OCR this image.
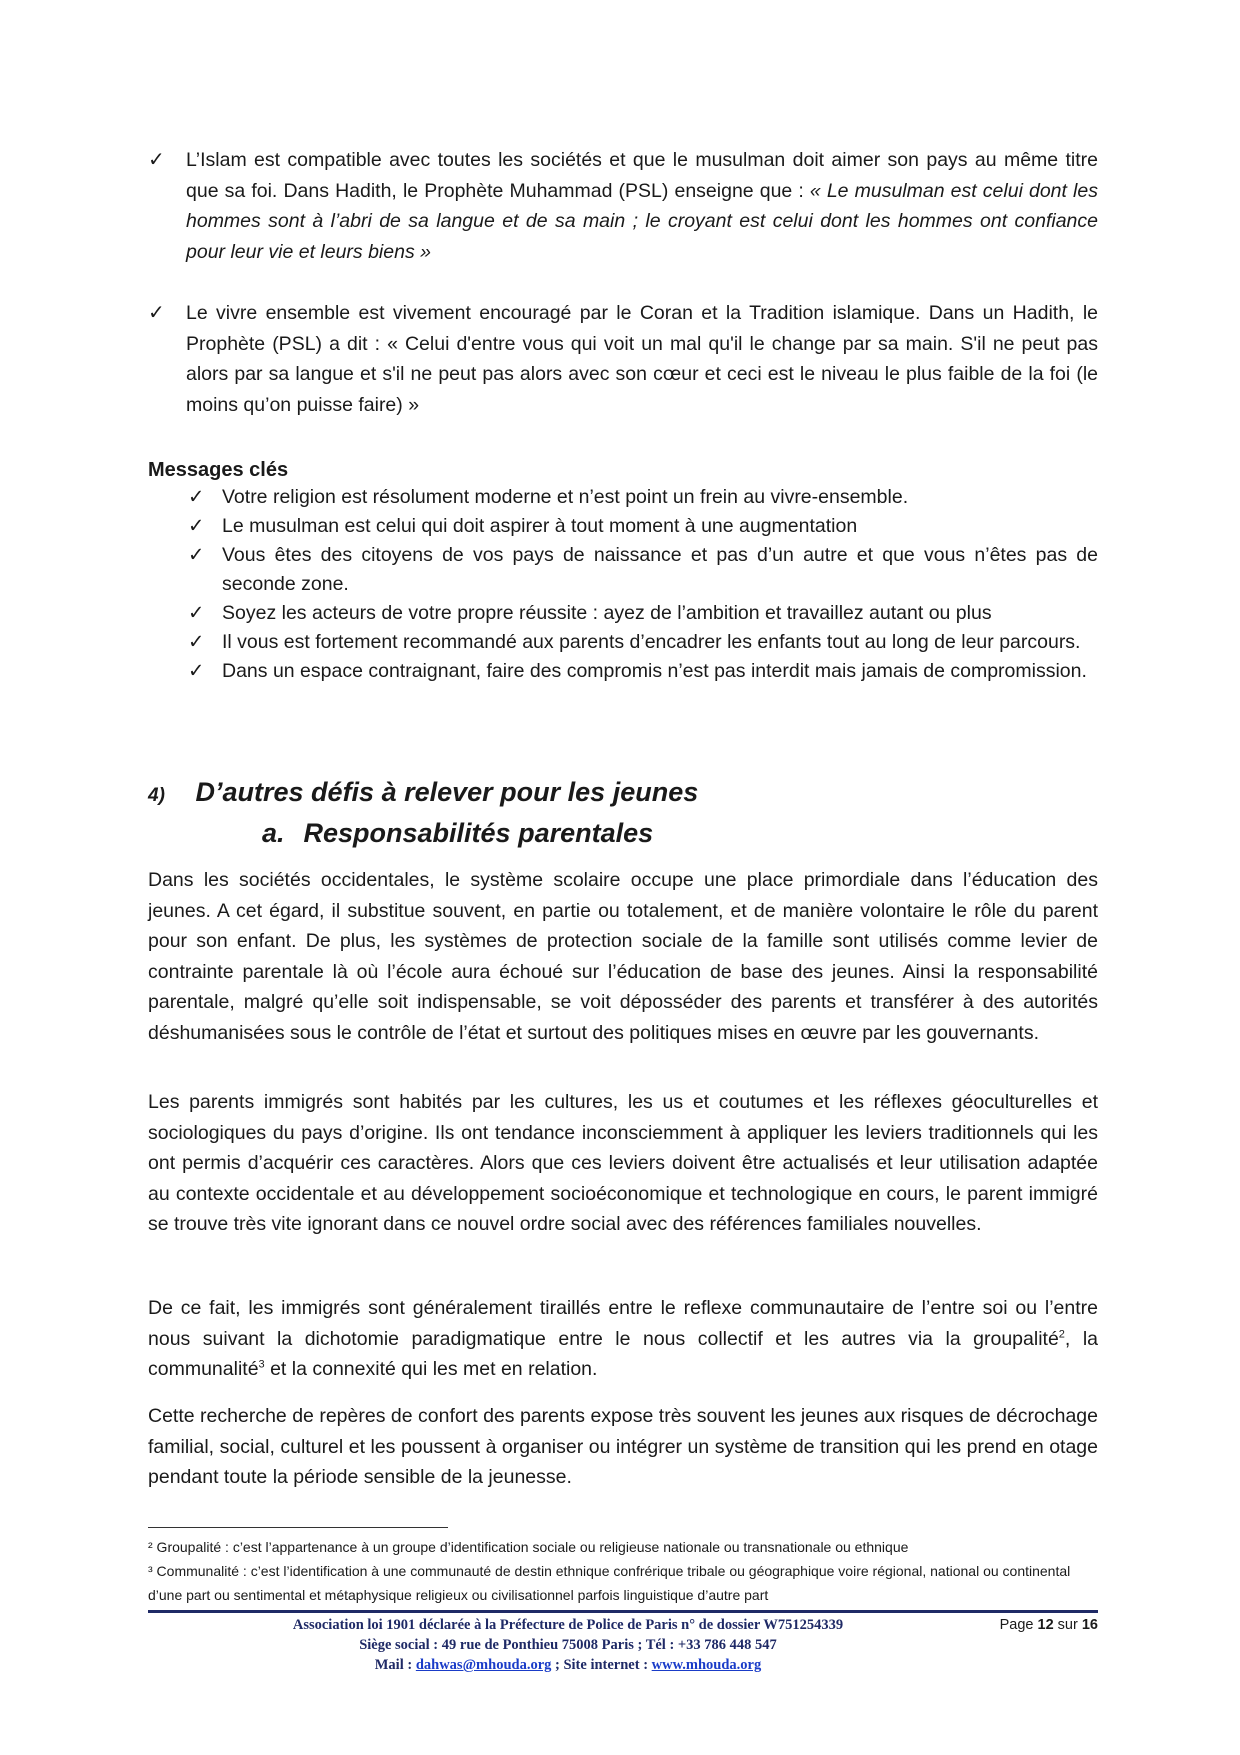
✓	L’Islam est compatible avec toutes les sociétés et que le musulman doit aimer son pays au même titre que sa foi. Dans Hadith, le Prophète Muhammad (PSL) enseigne que : « Le musulman est celui dont les hommes sont à l’abri de sa langue et de sa main ; le croyant est celui dont les hommes ont confiance pour leur vie et leurs biens »
✓	Le vivre ensemble est vivement encouragé par le Coran et la Tradition islamique. Dans un Hadith, le Prophète (PSL) a dit : « Celui d'entre vous qui voit un mal qu'il le change par sa main. S'il ne peut pas alors par sa langue et s'il ne peut pas alors avec son cœur et ceci est le niveau le plus faible de la foi (le moins qu’on puisse faire) »
Messages clés
✓ Votre religion est résolument moderne et n’est point un frein au vivre-ensemble.
✓ Le musulman est celui qui doit aspirer à tout moment à une augmentation
✓ Vous êtes des citoyens de vos pays de naissance et pas d’un autre et que vous n’êtes pas de seconde zone.
✓ Soyez les acteurs de votre propre réussite : ayez de l’ambition et travaillez autant ou plus
✓ Il vous est fortement recommandé aux parents d’encadrer les enfants tout au long de leur parcours.
✓ Dans un espace contraignant, faire des compromis n’est pas interdit mais jamais de compromission.
4) D’autres défis à relever pour les jeunes
a. Responsabilités parentales

Dans les sociétés occidentales, le système scolaire occupe une place primordiale dans l’éducation des jeunes. A cet égard, il substitue souvent, en partie ou totalement, et de manière volontaire le rôle du parent pour son enfant. De plus, les systèmes de protection sociale de la famille sont utilisés comme levier de contrainte parentale là où l’école aura échoué sur l’éducation de base des jeunes. Ainsi la responsabilité parentale, malgré qu’elle soit indispensable, se voit déposséder des parents et transférer à des autorités déshumanisées sous le contrôle de l’état et surtout des politiques mises en œuvre par les gouvernants.

Les parents immigrés sont habités par les cultures, les us et coutumes et les réflexes géoculturelles et sociologiques du pays d’origine. Ils ont tendance inconsciemment à appliquer les leviers traditionnels qui les ont permis d’acquérir ces caractères. Alors que ces leviers doivent être actualisés et leur utilisation adaptée au contexte occidentale et au développement socioéconomique et technologique en cours, le parent immigré se trouve très vite ignorant dans ce nouvel ordre social avec des références familiales nouvelles.

De ce fait, les immigrés sont généralement tiraillés entre le reflexe communautaire de l’entre soi ou l’entre nous suivant la dichotomie paradigmatique entre le nous collectif et les autres via la groupalité$^2$, la communalité$^3$ et la connexité qui les met en relation.

Cette recherche de repères de confort des parents expose très souvent les jeunes aux risques de décrochage familial, social, culturel et les poussent à organiser ou intégrer un système de transition qui les prend en otage pendant toute la période sensible de la jeunesse.

² Groupalité : c’est l’appartenance à un groupe d’identification sociale ou religieuse nationale ou transnationale ou ethnique

³ Communalité : c’est l’identification à une communauté de destin ethnique confrérique tribale ou géographique voire régional, national ou continental d’une part ou sentimental et métaphysique religieux ou civilisationnel parfois linguistique d’autre part

Association loi 1901 déclarée à la Préfecture de Police de Paris n° de dossier W751254339
Siège social : 49 rue de Ponthieu 75008 Paris ; Tél : +33 786 448 547
Mail : dahwas@mhouda.org ; Site internet : www.mhouda.org
Page 12 sur 16
